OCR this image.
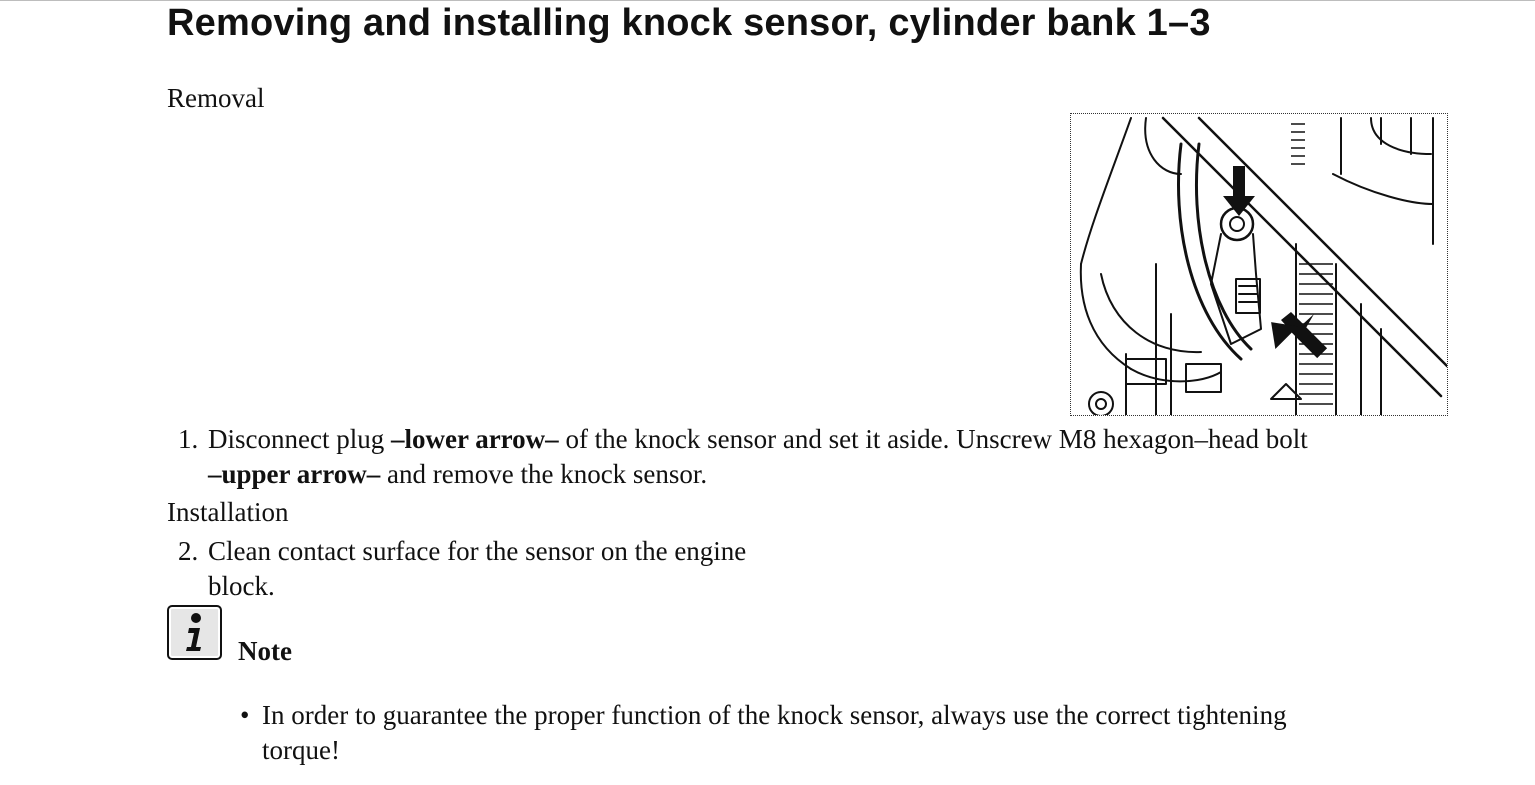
Removing and installing knock sensor, cylinder bank 1–3
Removal
1. Disconnect plug –lower arrow– of the knock sensor and set it aside. Unscrew M8 hexagon–head bolt
–upper arrow– and remove the knock sensor.
Installation
2. Clean contact surface for the sensor on the engine
block.
Note
• In order to guarantee the proper function of the knock sensor, always use the correct tightening
torque!
